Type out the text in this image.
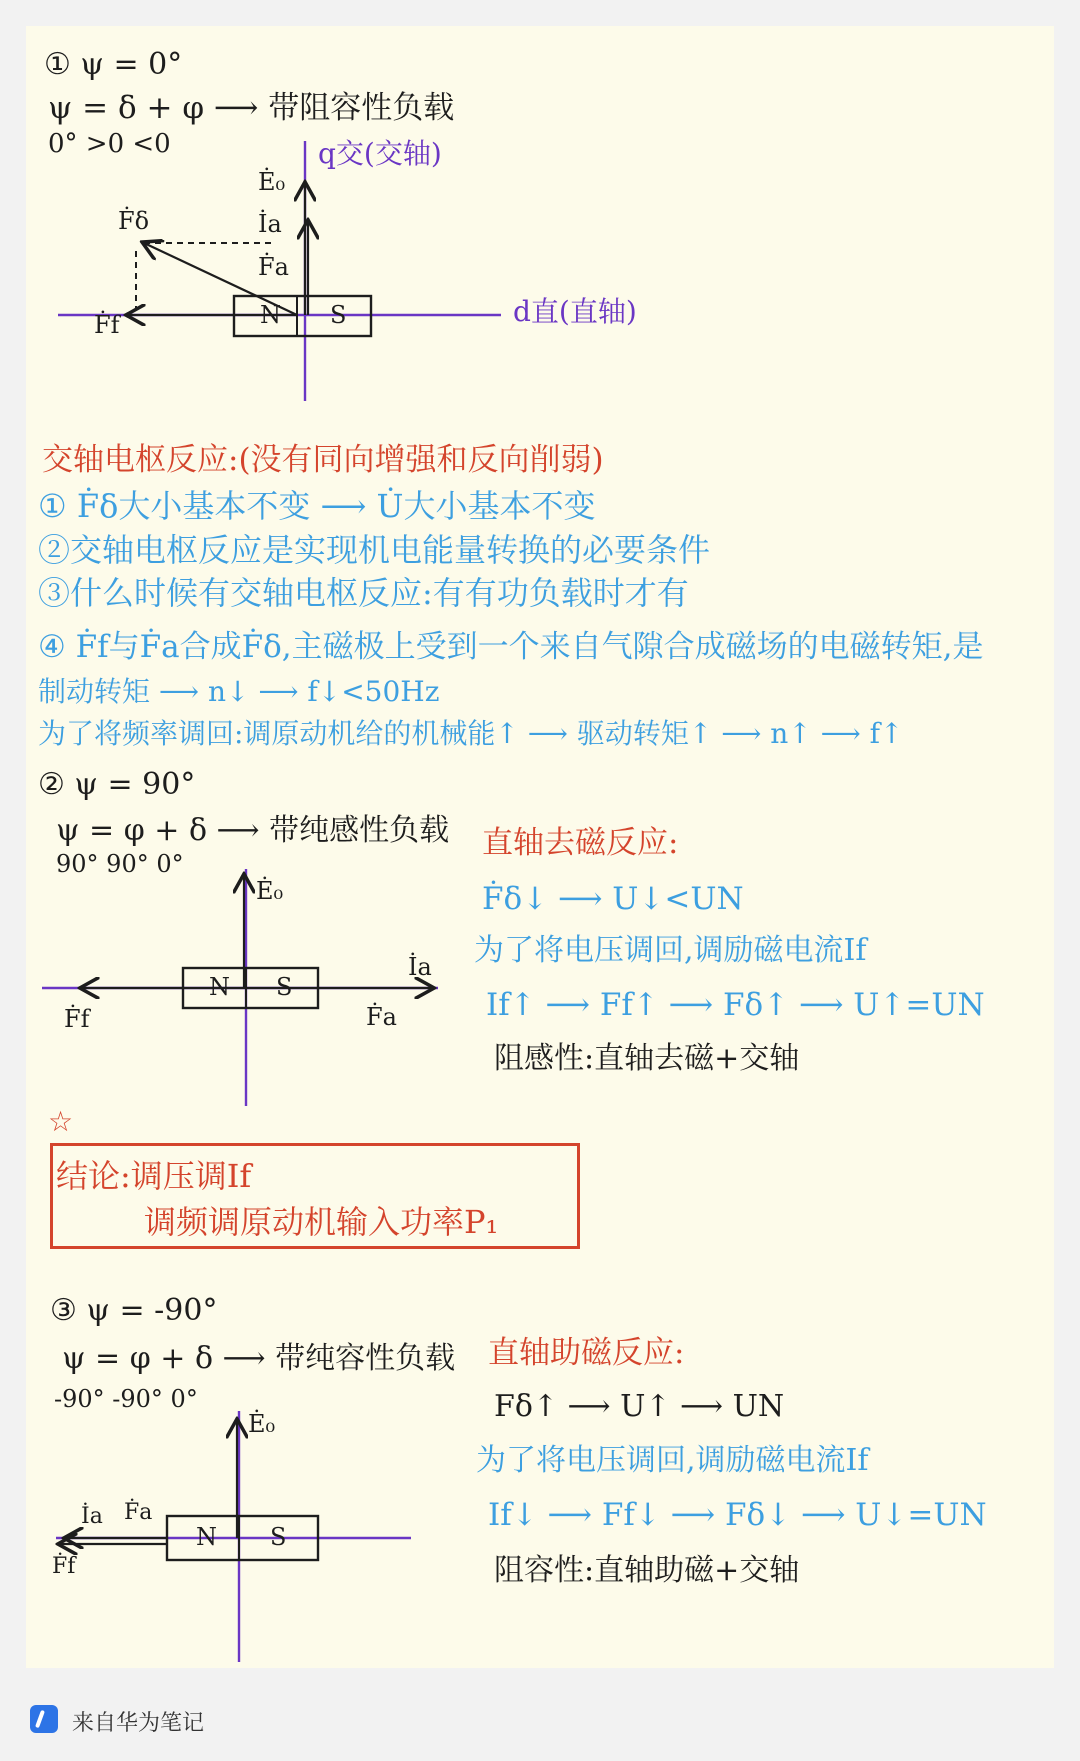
① ψ = 0°
ψ = δ + φ ⟶ 带阻容性负载
0° >0 <0	q交(交轴)
d直(直轴)
Ė₀
İa
Ḟa
Ḟδ
Ḟf	N S
交轴电枢反应:(没有同向增强和反向削弱)
① Ḟδ大小基本不变 ⟶ U̇大小基本不变
②交轴电枢反应是实现机电能量转换的必要条件
③什么时候有交轴电枢反应:有有功负载时才有
④ Ḟf与Ḟa合成Ḟδ,主磁极上受到一个来自气隙合成磁场的电磁转矩,是
制动转矩 ⟶ n↓ ⟶ f↓<50Hz
为了将频率调回:调原动机给的机械能↑ ⟶ 驱动转矩↑ ⟶ n↑ ⟶ f↑
② ψ = 90°
ψ = φ + δ ⟶ 带纯感性负载
90° 90° 0°
Ė₀
İa
Ḟa
Ḟf
N S
直轴去磁反应:
Ḟδ↓ ⟶ U↓<UN
为了将电压调回,调励磁电流If
If↑ ⟶ Ff↑ ⟶ Fδ↑ ⟶ U↑=UN
阻感性:直轴去磁+交轴
☆
结论:调压调If
调频调原动机输入功率P₁
③ ψ = -90°
ψ = φ + δ ⟶ 带纯容性负载
-90° -90° 0°
Ė₀
İa Ḟa
Ḟf
N S
直轴助磁反应:
Fδ↑ ⟶ U↑ ⟶ UN
为了将电压调回,调励磁电流If
If↓ ⟶ Ff↓ ⟶ Fδ↓ ⟶ U↓=UN
阻容性:直轴助磁+交轴
来自华为笔记
